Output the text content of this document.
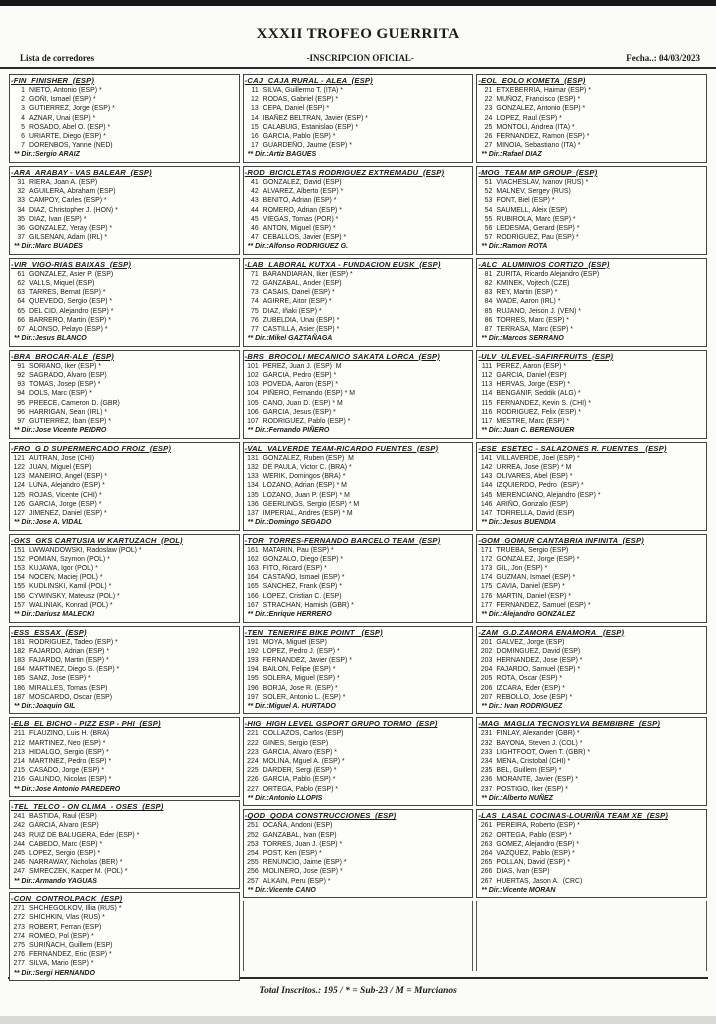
XXXII TROFEO GUERRITA
Lista de corredores	-INSCRIPCION OFICIAL-	Fecha..: 04/03/2023
-FIN  FINISHER  (ESP)
1 NIETO, Antonio (ESP) *
2 GOÑI, Ismael (ESP) *
3 GUTIERREZ, Jorge (ESP) *
4 AZNAR, Unai (ESP) *
5 ROSADO, Abel O. (ESP) *
6 URIARTE, Diego (ESP) *
7 DORENBOS, Yanne (NED)
** Dir.:Sergio ARAIZ
-ARA  ARABAY - VAS BALEAR  (ESP)
31 RIERA, Joan A. (ESP)
32 AGUILERA, Abraham (ESP)
33 CAMPOY, Carles (ESP) *
34 DIAZ, Christopher J. (HON) *
35 DIAZ, Ivan (ESP) *
36 GONZALEZ, Yeray (ESP) *
37 GILSENAN, Adam (IRL) *
** Dir.:Marc BUADES
-VIR  VIGO-RIAS BAIXAS  (ESP)
61 GONZALEZ, Asier P. (ESP)
62 VALLS, Miquel (ESP)
63 TARRES, Bernat (ESP) *
64 QUEVEDO, Sergio (ESP) *
65 DEL CID, Alejandro (ESP) *
66 BARRERO, Martin (ESP) *
67 ALONSO, Pelayo (ESP) *
** Dir.:Jesus BLANCO
-BRA  BROCAR-ALE  (ESP)
91 SORIANO, Iker (ESP) *
92 SAGRADO, Alvaro (ESP)
93 TOMAS, Josep (ESP) *
94 DOLS, Marc (ESP) *
95 PREECE, Cameron D. (GBR)
96 HARRIGAN, Sean (IRL) *
97 GUTIERREZ, Iban (ESP) *
** Dir.:Jose Vicente PEIDRO
-FRO  G D SUPERMERCADO FROIZ  (ESP)
121 AUTRAN, Jose (CHI)
122 JUAN, Miguel (ESP)
123 MANEIRO, Angel (ESP) *
124 LUNA, Alejandro (ESP) *
125 ROJAS, Vicente (CHI) *
126 GARCIA, Jorge (ESP) *
127 JIMENEZ, Daniel (ESP) *
** Dir.:Jose A. VIDAL
-GKS  GKS CARTUSIA W KARTUZACH  (POL)
151 LWWANDOWSKI, Radoslaw (POL) *
152 POMIAN, Szymon (POL) *
153 KUJAWA, Igor (POL) *
154 NOCEN, Maciej (POL) *
155 KUDLINSKI, Kamil (POL) *
156 CYWINSKY, Mateusz (POL) *
157 WALINIAK, Konrad (POL) *
** Dir.:Dariusz MALECKI
-ESS  ESSAX  (ESP)
181 RODRIGUEZ, Tadeo (ESP) *
182 FAJARDO, Adrian (ESP) *
183 FAJARDO, Martin (ESP) *
184 MARTINEZ, Diego S. (ESP) *
185 SANZ, Jose (ESP) *
186 MIRALLES, Tomas (ESP)
187 MOSCARDO, Oscar (ESP)
** Dir.:Joaquin GIL
-ELB  EL BICHO - PIZZ ESP - PHI  (ESP)
211 FLAUZINO, Luis H. (BRA)
212 MARTINEZ, Neo (ESP) *
213 HIDALGO, Sergio (ESP) *
214 MARTINEZ, Pedro (ESP) *
215 CASADO, Jorge (ESP) *
216 GALINDO, Nicolas (ESP) *
** Dir.:Jose Antonio PAREDERO
-TEL  TELCO - ON CLIMA  - OSES  (ESP)
241 BASTIDA, Raul (ESP)
242 GARCIA, Alvaro (ESP)
243 RUIZ DE BALUGERA, Eder (ESP) *
244 CABEDO, Marc (ESP) *
245 LOPEZ, Sergio (ESP) *
246 NARRAWAY, Nicholas (BER) *
247 SMRECZEK, Kacper M. (POL) *
** Dir.:Armando YAGUAS
-CON  CONTROLPACK  (ESP)
271 SHCHEGOLKOV, Illia (RUS) *
272 SHICHKIN, Vlas (RUS) *
273 ROBERT, Ferran (ESP)
274 ROMEO, Pol (ESP) *
275 SURIÑACH, Guillem (ESP)
276 FERNANDEZ, Eric (ESP) *
277 SILVA, Mario (ESP) *
** Dir.:Sergi HERNANDO
-CAJ  CAJA RURAL - ALEA  (ESP)
11 SILVA, Guillermo T. (ITA) *
12 RODAS, Gabriel (ESP) *
13 CEPA, Daniel (ESP) *
14 IBAÑEZ BELTRAN, Javier (ESP) *
15 CALABUIG, Estanislao (ESP) *
16 GARCIA, Pablo (ESP) *
17 GUARDEÑO, Jaume (ESP) *
** Dir.:Artiz BAGUES
-ROD  BICICLETAS RODRIGUEZ EXTREMADU  (ESP)
41 GONZALEZ, David (ESP)
42 ALVAREZ, Alberto (ESP) *
43 BENITO, Adrian (ESP) *
44 ROMERO, Adrian (ESP) *
45 VIEGAS, Tomas (POR) *
46 ANTON, Miguel (ESP) *
47 CEBALLOS, Javier (ESP) *
** Dir.:Alfonso RODRIGUEZ G.
-LAB  LABORAL KUTXA - FUNDACION EUSK  (ESP)
71 BARANDIARAN, Iker (ESP) *
72 GANZABAL, Ander (ESP)
73 CASAIS, Danel (ESP) *
74 AGIRRE, Aitor (ESP) *
75 DIAZ, Iñaki (ESP) *
76 ZUBELDIA, Unai (ESP) *
77 CASTILLA, Asier (ESP) *
** Dir.:Mikel GAZTAÑAGA
-BRS  BROCOLI MECANICO SAKATA LORCA  (ESP)
101 PEREZ, Juan J. (ESP)  M
102 GARCIA, Pedro (ESP) *
103 POVEDA, Aaron (ESP) *
104 PIÑERO, Fernando (ESP) * M
105 CANO, Juan D. (ESP) * M
106 GARCIA, Jesus (ESP) *
107 RODRIGUEZ, Pablo (ESP) *
** Dir.:Fernando PIÑERO
-VAL  VALVERDE TEAM-RICARDO FUENTES  (ESP)
131 GONZALEZ, Ruben (ESP)  M
132 DE PAULA, Victor C. (BRA) *
133 WERIK, Domingos (BRA) *
134 LOZANO, Adrian (ESP) * M
135 LOZANO, Juan P. (ESP) * M
136 GEERLINGS, Sergio (ESP) * M
137 IMPERIAL, Andres (ESP) * M
** Dir.:Domingo SEGADO
-TOR  TORRES-FERNANDO BARCELO TEAM  (ESP)
161 MATARIN, Pau (ESP) *
162 GONZALO, Diego (ESP) *
163 FITO, Ricard (ESP) *
164 CASTAÑO, Ismael (ESP) *
165 SANCHEZ, Frank (ESP) *
166 LOPEZ, Cristian C. (ESP)
167 STRACHAN, Hamish (GBR) *
** Dir.:Enrique HERRERO
-TEN  TENERIFE BIKE POINT   (ESP)
191 MOYA, Miguel (ESP)
192 LOPEZ, Pedro J. (ESP) *
193 FERNANDEZ, Javier (ESP) *
194 BAILON, Felipe (ESP) *
195 SOLERA, Miguel (ESP) *
196 BORJA, Jose R. (ESP) *
197 SOLER, Antonio L. (ESP) *
** Dir.:Miguel A. HURTADO
-HIG  HIGH LEVEL GSPORT GRUPO TORMO  (ESP)
221 COLLAZOS, Carlos (ESP)
222 GINES, Sergio (ESP)
223 GARCIA, Alvaro (ESP) *
224 MOLINA, Mguel A. (ESP) *
225 DARDER, Sergi (ESP) *
226 GARCIA, Pablo (ESP) *
227 ORTEGA, Pablo (ESP) *
** Dir.:Antonio LLOPIS
-QOD  QODA CONSTRUCCIONES  (ESP)
251 OCAÑA, Andoni (ESP)
252 GANZABAL, Ivan (ESP)
253 TORRES, Juan J. (ESP) *
254 POST, Ken (ESP) *
255 RENUNCIO, Jaime (ESP) *
256 MOLINERO, Jose (ESP) *
257 ALKAIN, Peru (ESP) *
** Dir.:Vicente CANO
-EOL  EOLO KOMETA  (ESP)
21 ETXEBERRIA, Haimar (ESP) *
22 MUÑOZ, Francisco (ESP) *
23 GONZALEZ, Antonio (ESP) *
24 LOPEZ, Raul (ESP) *
25 MONTOLI, Andrea (ITA) *
26 FERNANDEZ, Ramon (ESP) *
27 MINOIA, Sebastiano (ITA) *
** Dir.:Rafael DIAZ
-MOG  TEAM MP GROUP  (ESP)
51 VIACHESLAV, Ivanov (RUS) *
52 MALNEV, Sergey (RUS)
53 FONT, Biel (ESP) *
54 SAUMELL, Aleix (ESP)
55 RUBIROLA, Marc (ESP) *
56 LEDESMA, Gerard (ESP) *
57 RODRIGUEZ, Pau (ESP) *
** Dir.:Ramon ROTA
-ALC  ALUMINIOS CORTIZO  (ESP)
81 ZURITA, Ricardo Alejandro (ESP)
82 KMINEK, Vojtech (CZE)
83 REY, Martin (ESP) *
84 WADE, Aaron (IRL) *
85 RUJANO, Jeison J. (VEN) *
86 TORRES, Marc (ESP) *
87 TERRASA, Marc (ESP) *
** Dir.:Marcos SERRANO
-ULV  ULEVEL-SAFIRFRUITS  (ESP)
111 PEREZ, Aaron (ESP) *
112 GARCIA, Daniel (ESP)
113 HERVAS, Jorge (ESP) *
114 BENGANIF, Seddik (ALG) *
115 FERNANDEZ, Kevin S. (CHI) *
116 RODRIGUEZ, Felix (ESP) *
117 MESTRE, Marc (ESP) *
** Dir.:Juan C. BERENGUER
-ESE  ESETEC - SALAZONES R. FUENTES   (ESP)
141 VILLAVERDE, Joel (ESP) *
142 URREA, Jose (ESP) * M
143 OLIVARES, Abel (ESP) *
144 IZQUIERDO, Pedro  (ESP) *
145 MERENCIANO, Alejandro (ESP) *
146 ARIÑO, Gonzalo (ESP)
147 TORRELLA, David (ESP)
** Dir.:Jesus BUENDIA
-GOM  GOMUR CANTABRIA INFINITA  (ESP)
171 TRUEBA, Sergio (ESP)
172 GONZALEZ, Jorge (ESP) *
173 GIL, Jon (ESP) *
174 GUZMAN, Ismael (ESP) *
175 CAVIA, Daniel (ESP) *
176 MARTIN, Daniel (ESP) *
177 FERNANDEZ, Samuel (ESP) *
** Dir.:Alejandro GONZALEZ
-ZAM  G.D.ZAMORA ENAMORA   (ESP)
201 GALVEZ, Jorge (ESP)
202 DOMINGUEZ, David (ESP)
203 HERNANDEZ, Jose (ESP) *
204 FAJARDO, Samuel (ESP) *
205 ROTA, Oscar (ESP) *
206 IZCARA, Eder (ESP) *
207 REBOLLO, Jose (ESP) *
** Dir.: Ivan RODRIGUEZ
-MAG  MAGLIA TECNOSYLVA BEMBIBRE  (ESP)
231 FINLAY, Alexander (GBR) *
232 BAYONA, Steven J. (COL) *
233 LIGHTFOOT, Owen T. (GBR) *
234 MENA, Cristobal (CHI) *
235 BEL, Guillem (ESP) *
236 MORANTE, Javier (ESP) *
237 POSTIGO, Iker (ESP) *
** Dir.:Alberto NUÑEZ
-LAS  LASAL COCINAS-LOURIÑA TEAM XE  (ESP)
261 PEREIRA, Roberto (ESP) *
262 ORTEGA, Pablo (ESP) *
263 GOMEZ, Alejandro (ESP) *
264 VAZQUEZ, Pablo (ESP) *
265 POLLAN, David (ESP) *
266 DIAS, Ivan (ESP)
267 HUERTAS, Jason A.  (CRC)
** Dir.:Vicente MORAN
Total Inscritos.: 195 / * = Sub-23 / M = Murcianos
